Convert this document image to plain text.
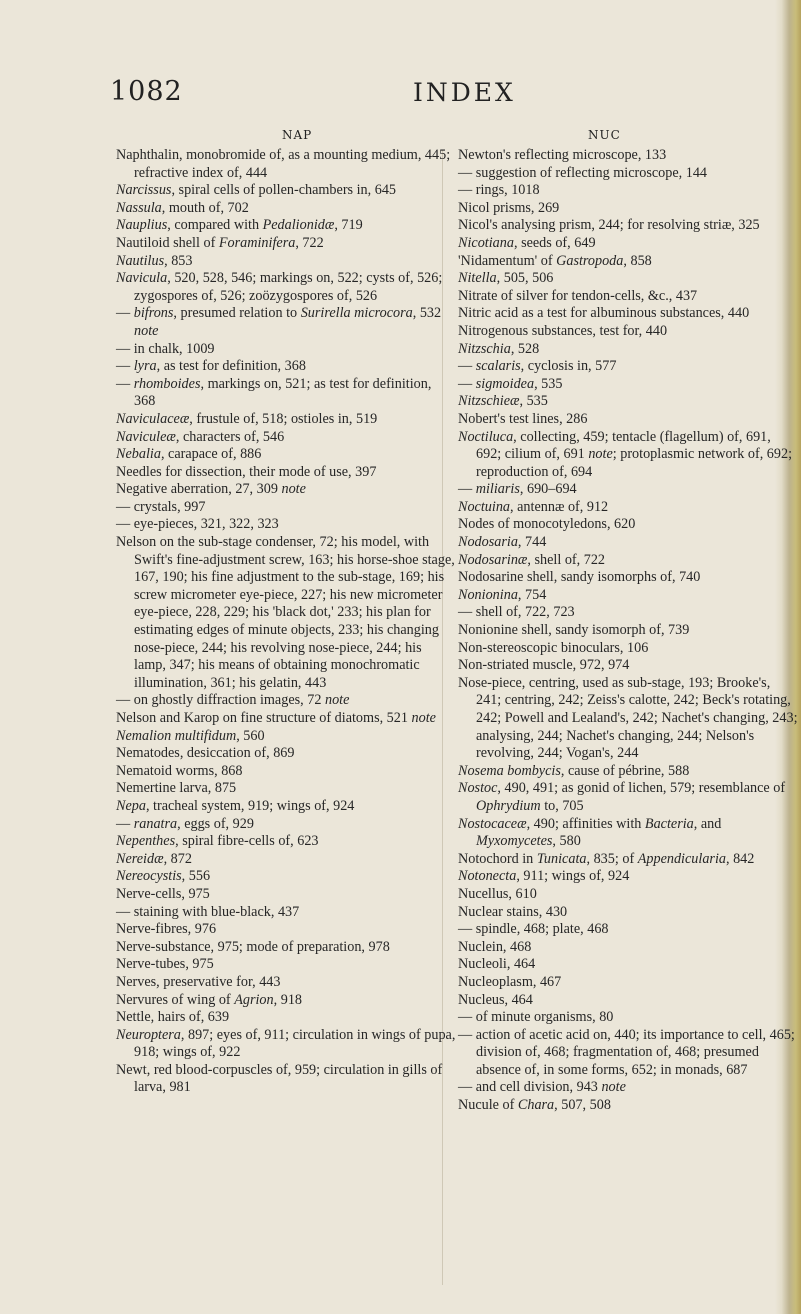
1082	INDEX
NAP	NUC
Naphthalin, monobromide of, as a mounting medium, 445; refractive index of, 444
Narcissus, spiral cells of pollen-chambers in, 645
Nassula, mouth of, 702
Nauplius, compared with Pedalionidæ, 719
Nautiloid shell of Foraminifera, 722
Nautilus, 853
Navicula, 520, 528, 546; markings on, 522; cysts of, 526; zygospores of, 526; zoözygospores of, 526
— bifrons, presumed relation to Surirella microcora, 532 note
— in chalk, 1009
— lyra, as test for definition, 368
— rhomboides, markings on, 521; as test for definition, 368
Naviculaceæ, frustule of, 518; ostioles in, 519
Naviculeæ, characters of, 546
Nebalia, carapace of, 886
Needles for dissection, their mode of use, 397
Negative aberration, 27, 309 note
— crystals, 997
— eye-pieces, 321, 322, 323
Nelson on the sub-stage condenser, 72; his model, with Swift's fine-adjustment screw, 163; his horse-shoe stage, 167, 190; his fine adjustment to the sub-stage, 169; his screw micrometer eye-piece, 227; his new micrometer eye-piece, 228, 229; his 'black dot,' 233; his plan for estimating edges of minute objects, 233; his changing nose-piece, 244; his revolving nose-piece, 244; his lamp, 347; his means of obtaining monochromatic illumination, 361; his gelatin, 443
— on ghostly diffraction images, 72 note
Nelson and Karop on fine structure of diatoms, 521 note
Nemalion multifidum, 560
Nematodes, desiccation of, 869
Nematoid worms, 868
Nemertine larva, 875
Nepa, tracheal system, 919; wings of, 924
— ranatra, eggs of, 929
Nepenthes, spiral fibre-cells of, 623
Nereidæ, 872
Nereocystis, 556
Nerve-cells, 975
— staining with blue-black, 437
Nerve-fibres, 976
Nerve-substance, 975; mode of preparation, 978
Nerve-tubes, 975
Nerves, preservative for, 443
Nervures of wing of Agrion, 918
Nettle, hairs of, 639
Neuroptera, 897; eyes of, 911; circulation in wings of pupa, 918; wings of, 922
Newt, red blood-corpuscles of, 959; circulation in gills of larva, 981
Newton's reflecting microscope, 133
— suggestion of reflecting microscope, 144
— rings, 1018
Nicol prisms, 269
Nicol's analysing prism, 244; for resolving striæ, 325
Nicotiana, seeds of, 649
'Nidamentum' of Gastropoda, 858
Nitella, 505, 506
Nitrate of silver for tendon-cells, &c., 437
Nitric acid as a test for albuminous substances, 440
Nitrogenous substances, test for, 440
Nitzschia, 528
— scalaris, cyclosis in, 577
— sigmoidea, 535
Nitzschieæ, 535
Nobert's test lines, 286
Noctiluca, collecting, 459; tentacle (flagellum) of, 691, 692; cilium of, 691 note; protoplasmic network of, 692; reproduction of, 694
— miliaris, 690–694
Noctuina, antennæ of, 912
Nodes of monocotyledons, 620
Nodosaria, 744
Nodosarinæ, shell of, 722
Nodosarine shell, sandy isomorphs of, 740
Nonionina, 754
— shell of, 722, 723
Nonionine shell, sandy isomorph of, 739
Non-stereoscopic binoculars, 106
Non-striated muscle, 972, 974
Nose-piece, centring, used as sub-stage, 193; Brooke's, 241; centring, 242; Zeiss's calotte, 242; Beck's rotating, 242; Powell and Lealand's, 242; Nachet's changing, 243; analysing, 244; Nachet's changing, 244; Nelson's revolving, 244; Vogan's, 244
Nosema bombycis, cause of pébrine, 588
Nostoc, 490, 491; as gonid of lichen, 579; resemblance of Ophrydium to, 705
Nostocaceæ, 490; affinities with Bacteria, and Myxomycetes, 580
Notochord in Tunicata, 835; of Appendicularia, 842
Notonecta, 911; wings of, 924
Nucellus, 610
Nuclear stains, 430
— spindle, 468; plate, 468
Nuclein, 468
Nucleoli, 464
Nucleoplasm, 467
Nucleus, 464
— of minute organisms, 80
— action of acetic acid on, 440; its importance to cell, 465; division of, 468; fragmentation of, 468; presumed absence of, in some forms, 652; in monads, 687
— and cell division, 943 note
Nucule of Chara, 507, 508
